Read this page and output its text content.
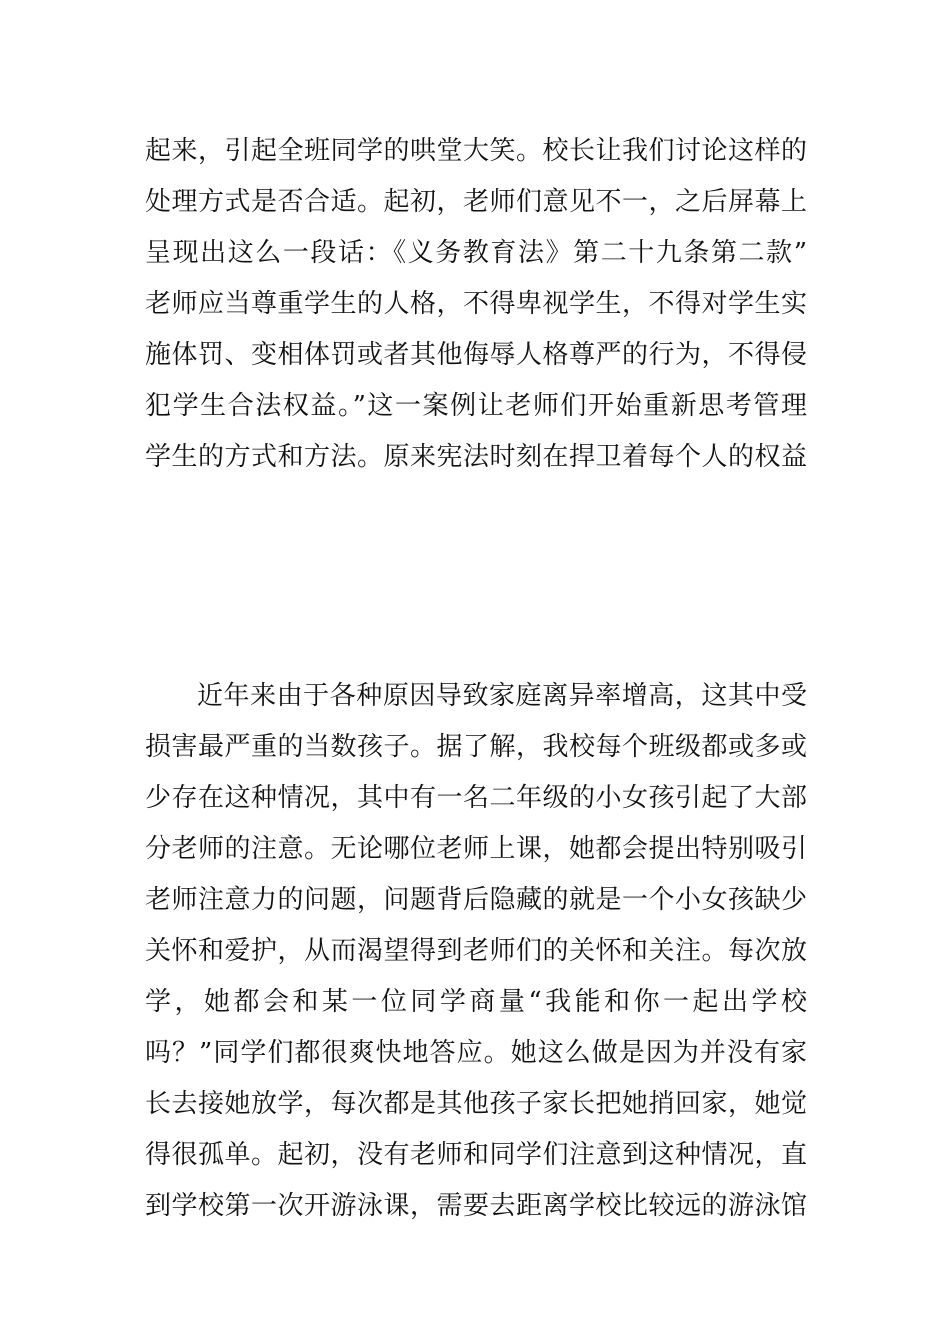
起来，引起全班同学的哄堂大笑。校长让我们讨论这样的
处理方式是否合适。起初，老师们意见不一，之后屏幕上
呈现出这么一段话：《义务教育法》第二十九条第二款”
老师应当尊重学生的人格，不得卑视学生，不得对学生实
施体罚、变相体罚或者其他侮辱人格尊严的行为，不得侵
犯学生合法权益。”这一案例让老师们开始重新思考管理
学生的方式和方法。原来宪法时刻在捍卫着每个人的权益
近年来由于各种原因导致家庭离异率增高，这其中受
损害最严重的当数孩子。据了解，我校每个班级都或多或
少存在这种情况，其中有一名二年级的小女孩引起了大部
分老师的注意。无论哪位老师上课，她都会提出特别吸引
老师注意力的问题，问题背后隐藏的就是一个小女孩缺少
关怀和爱护，从而渴望得到老师们的关怀和关注。每次放
学，她都会和某一位同学商量“我能和你一起出学校
吗？”同学们都很爽快地答应。她这么做是因为并没有家
长去接她放学，每次都是其他孩子家长把她捎回家，她觉
得很孤单。起初，没有老师和同学们注意到这种情况，直
到学校第一次开游泳课，需要去距离学校比较远的游泳馆
